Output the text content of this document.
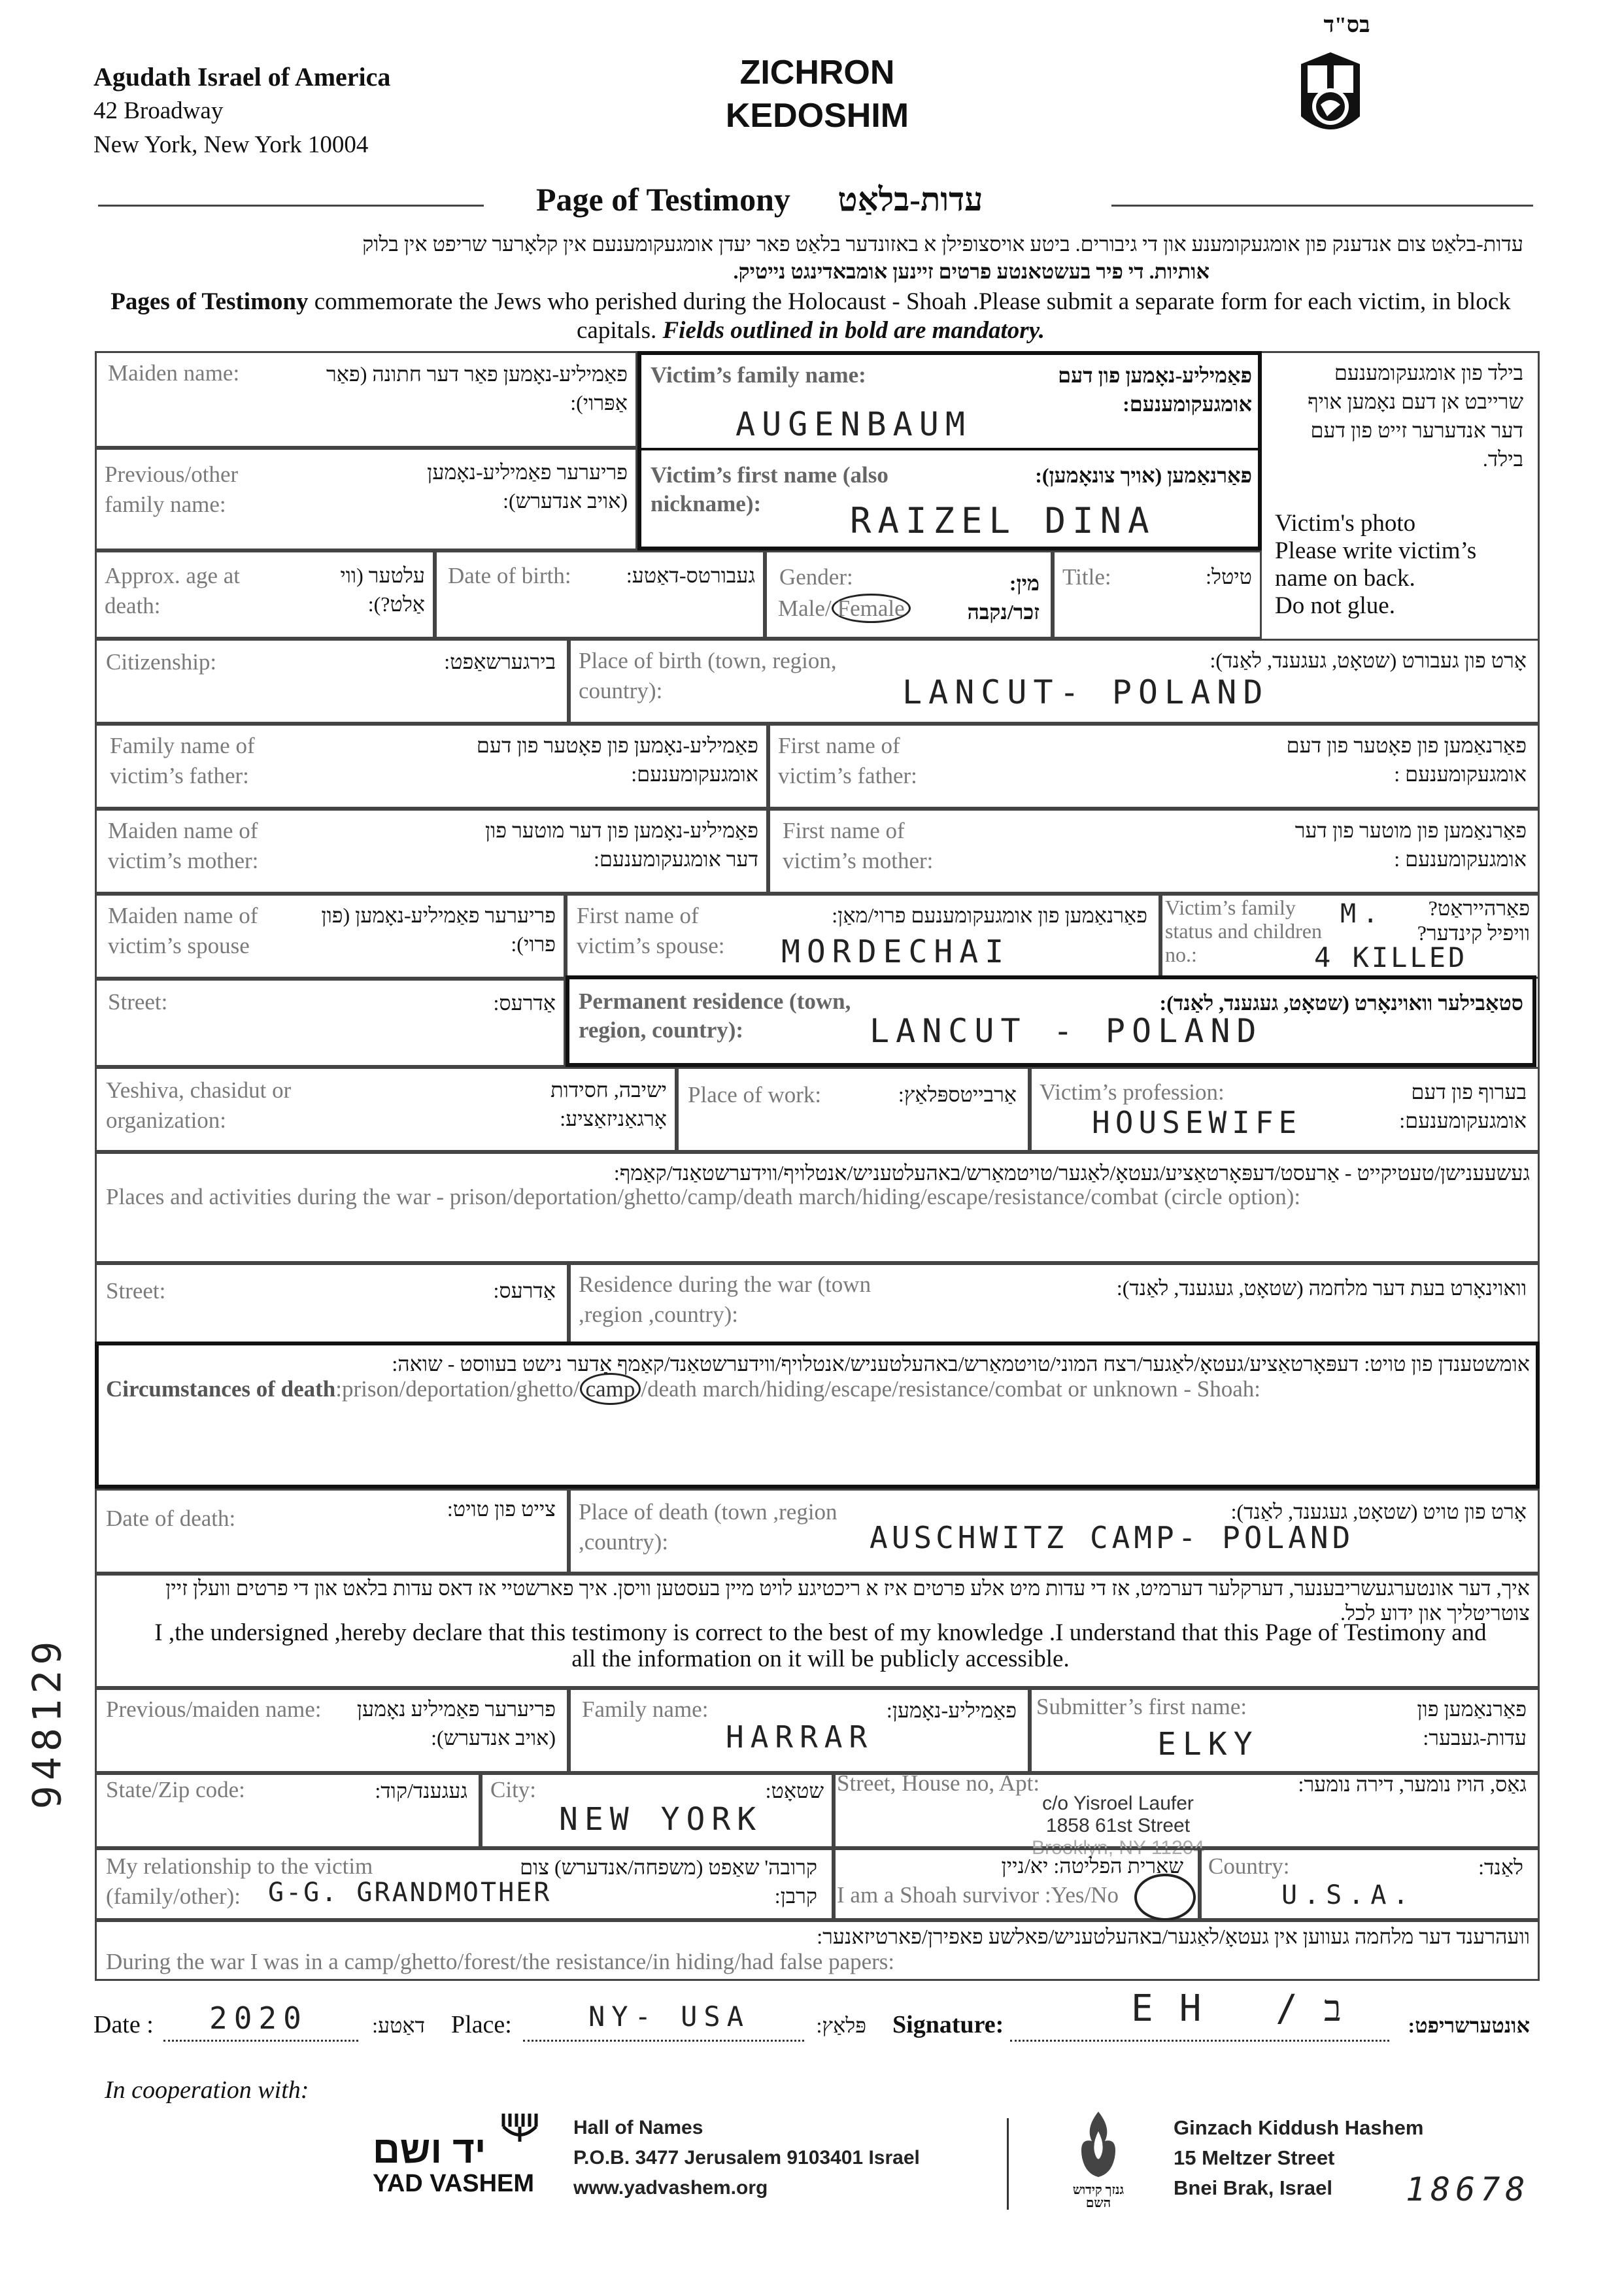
Agudath Israel of America
42 Broadway
New York, New York 10004
ZICHRON
KEDOSHIM
בס"ד
Page of Testimony עדות-בלאַט
עדות-בלאַט צום אנדענק פון אומגעקומענע און די גיבורים. ביטע אויסצופילן א באזונדער בלאַט פאר יעדן אומגעקומענעם אין קלאָרער שריפט אין בלוק
אותיות. די פיר בעשטאנטע פרטים זיינען אומבאדינגט נייטיק.
Pages of Testimony commemorate the Jews who perished during the Holocaust - Shoah .Please submit a separate form for each victim, in block capitals. Fields outlined in bold are mandatory.
Maiden name:	פאַמיליע-נאָמען פאַר דער חתונה (פאַר אַפּרוי):
Victim’s family name:	פאַמיליע-נאָמען פון דעם אומגעקומענעם:
AUGENBAUM
בילד פון אומגעקומענעם שרייבט אן דעם נאָמען אויף דער אנדערער זייט פון דעם בילד.
Victim's photo
Please write victim’s
name on back.
Do not glue.
Previous/other family name:
פריערער פאַמיליע-נאָמען (אויב אנדערש):
Victim’s first name (also nickname):
פאַרנאַמען (אויך צונאָמען):
RAIZEL DINA
Approx. age at death:
עלטער (ווי אַלט?):
Date of birth:	געבורטס-דאַטע: Gender:
Male/ Female
מין: זכר/נקבה
Title:	טיטל:
Citizenship:	בירגערשאַפט: Place of birth (town, region, country):
אָרט פון געבורט (שטאָט, געגענד, לאַנד):
LANCUT- POLAND
Family name of victim’s father:
פאַמיליע-נאָמען פון פאָטער פון דעם אומגעקומענעם:
First name of victim’s father:
פאַרנאַמען פון פאָטער פון דעם אומגעקומענעם :
Maiden name of victim’s mother:
פאַמיליע-נאָמען פון דער מוטער פון דער אומגעקומענעם:
First name of victim’s mother:
פאַרנאַמען פון מוטער פון דער אומגעקומענעם :
Maiden name of victim’s spouse
פריערער פאַמיליע-נאָמען (פון פרוי):
First name of victim’s spouse:
פאַרנאַמען פון אומגעקומענעם פרוי/מאַן:
MORDECHAI
Victim’s family status and children no.:
פאַרהייראַט? וויפיל קינדער?
M.
4 KILLED
Street:	אַדרעס: Permanent residence (town, region, country):
סטאַבילער וואוינאָרט (שטאָט, געגענד, לאַנד):
LANCUT - POLAND
Yeshiva, chasidut or organization:
ישיבה, חסידות אָרגאַניזאַציע:
Place of work:	אַרבייטספּלאַץ: Victim’s profession:	בערוף פון דעם אומגעקומענעם:
HOUSEWIFE
געשעענישן/טעטיקייט - אַרעסט/דעפּאָרטאַציע/געטאָ/לאַגער/טויטמאַרש/באהעלטעניש/אנטלויף/ווידערשטאַנד/קאַמף:
Places and activities during the war - prison/deportation/ghetto/camp/death march/hiding/escape/resistance/combat (circle option):
Street:	אַדרעס: Residence during the war (town ,region ,country):
וואוינאָרט בעת דער מלחמה (שטאָט, געגענד, לאַנד):
אומשטענדן פון טויט: דעפּאָרטאַציע/געטאָ/לאַגער/רצח המוני/טויטמאַרש/באהעלטעניש/אנטלויף/ווידערשטאַנד/קאַמף אָדער נישט בעווסט - שואה:
Circumstances of death:prison/deportation/ghetto/ camp /death march/hiding/escape/resistance/combat or unknown - Shoah:
Date of death:	צייט פון טויט: Place of death (town ,region ,country):
אָרט פון טויט (שטאָט, געגענד, לאַנד):
AUSCHWITZ CAMP- POLAND
איך, דער אונטערגעשריבענער, דערקלער דערמיט, אז די עדות מיט אלע פרטים איז א ריכטיגע לויט מיין בעסטען וויסן. איך פארשטיי אז דאס עדות בלאט און די פרטים וועלן זיין צוטריטליך און ידוע לכל.
I ,the undersigned ,hereby declare that this testimony is correct to the best of my knowledge .I understand that this Page of Testimony and all the information on it will be publicly accessible.
Previous/maiden name:	פריערער פאַמיליע נאָמען (אויב אנדערש):
Family name:	פאַמיליע-נאָמען:
HARRAR
Submitter’s first name:	פאַרנאַמען פון עדות-געבער:
ELKY
State/Zip code:	געגענד/קוד: City:	שטאָט:
NEW YORK
Street, House no, Apt:	גאַס, הויז נומער, דירה נומער:
c/o Yisroel Laufer
1858 61st Street
Brooklyn, NY 11204
My relationship to the victim (family/other):
קרובה' שאַפט (משפחה/אנדערש) צום קרבן:
G-G. GRANDMOTHER
שארית הפליטה: יא/ניין
I am a Shoah survivor :Yes/No
Country:	לאַנד:
U.S.A.
וועהרענד דער מלחמה געווען אין געטאָ/לאַגער/באהעלטעניש/פאלשע פאפירן/פארטיזאנער:
During the war I was in a camp/ghetto/forest/the resistance/in hiding/had false papers:
Date : 2020	דאַטע: Place:	NY- USA	פּלאַץ: Signature:	EH /ב	אונטערשריפט:
In cooperation with:
יד ושם
YAD VASHEM
Hall of Names
P.O.B. 3477 Jerusalem 9103401 Israel
www.yadvashem.org	גנזך קידוש השם
Ginzach Kiddush Hashem
15 Meltzer Street
Bnei Brak, Israel	18678
948129
